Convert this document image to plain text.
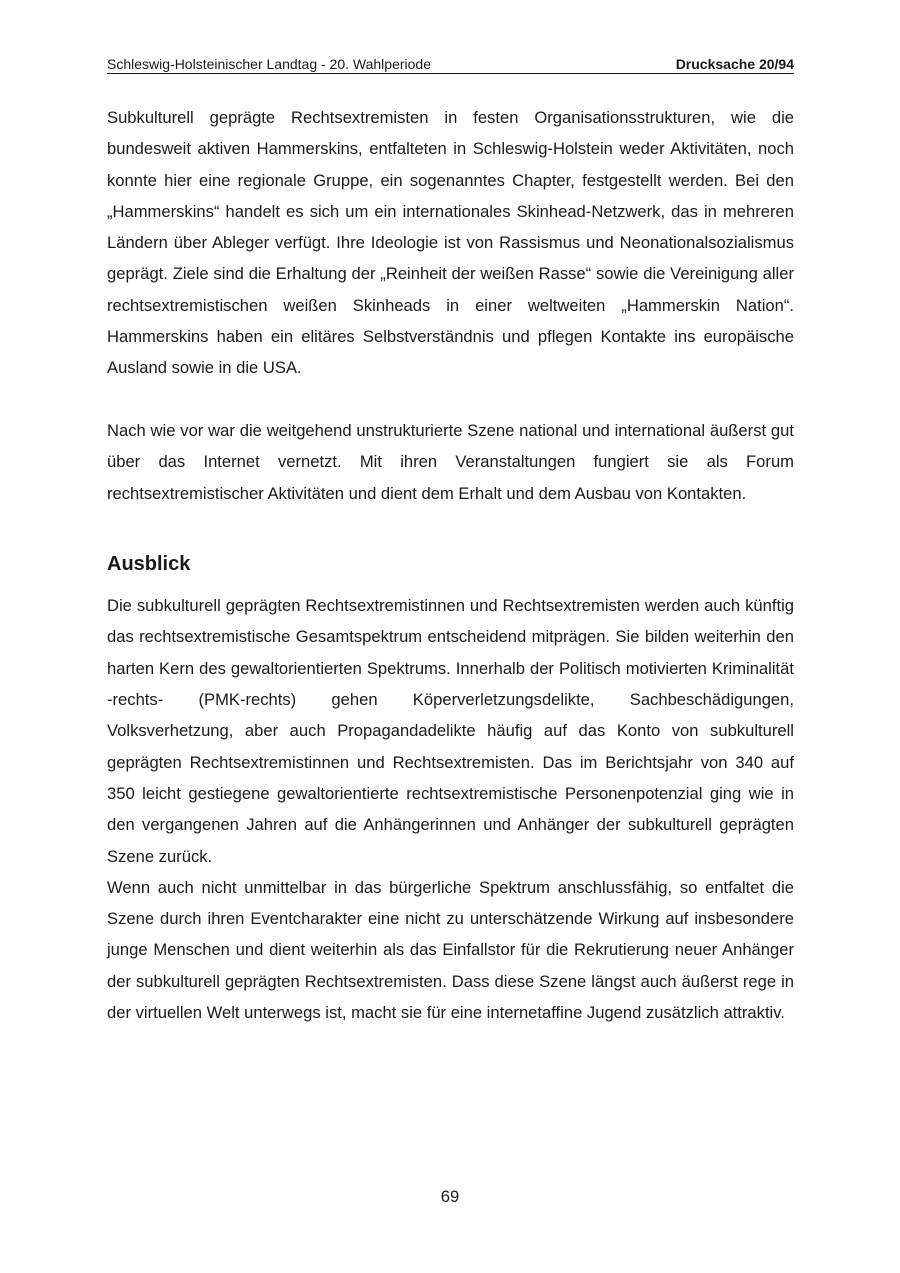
Schleswig-Holsteinischer Landtag - 20. Wahlperiode	Drucksache 20/94

Subkulturell geprägte Rechtsextremisten in festen Organisationsstrukturen, wie die bundesweit aktiven Hammerskins, entfalteten in Schleswig-Holstein weder Aktivitäten, noch konnte hier eine regionale Gruppe, ein sogenanntes Chapter, festgestellt werden. Bei den „Hammerskins“ handelt es sich um ein internationales Skinhead-Netzwerk, das in mehreren Ländern über Ableger verfügt. Ihre Ideologie ist von Rassismus und Neonationalsozialismus geprägt. Ziele sind die Erhaltung der „Reinheit der weißen Rasse“ sowie die Vereinigung aller rechtsextremistischen weißen Skinheads in einer weltweiten „Hammerskin Nation“. Hammerskins haben ein elitäres Selbstverständnis und pflegen Kontakte ins europäische Ausland sowie in die USA.

Nach wie vor war die weitgehend unstrukturierte Szene national und international äußerst gut über das Internet vernetzt. Mit ihren Veranstaltungen fungiert sie als Forum rechtsextremistischer Aktivitäten und dient dem Erhalt und dem Ausbau von Kontakten.

Ausblick

Die subkulturell geprägten Rechtsextremistinnen und Rechtsextremisten werden auch künftig das rechtsextremistische Gesamtspektrum entscheidend mitprägen. Sie bilden weiterhin den harten Kern des gewaltorientierten Spektrums. Innerhalb der Politisch motivierten Kriminalität -rechts- (PMK-rechts) gehen Köperverletzungsdelikte, Sachbeschädigungen, Volksverhetzung, aber auch Propagandadelikte häufig auf das Konto von subkulturell geprägten Rechtsextremistinnen und Rechtsextremisten. Das im Berichtsjahr von 340 auf 350 leicht gestiegene gewaltorientierte rechtsextremistische Personenpotenzial ging wie in den vergangenen Jahren auf die Anhängerinnen und Anhänger der subkulturell geprägten Szene zurück.

Wenn auch nicht unmittelbar in das bürgerliche Spektrum anschlussfähig, so entfaltet die Szene durch ihren Eventcharakter eine nicht zu unterschätzende Wirkung auf insbesondere junge Menschen und dient weiterhin als das Einfallstor für die Rekrutierung neuer Anhänger der subkulturell geprägten Rechtsextremisten. Dass diese Szene längst auch äußerst rege in der virtuellen Welt unterwegs ist, macht sie für eine internetaffine Jugend zusätzlich attraktiv.

69
